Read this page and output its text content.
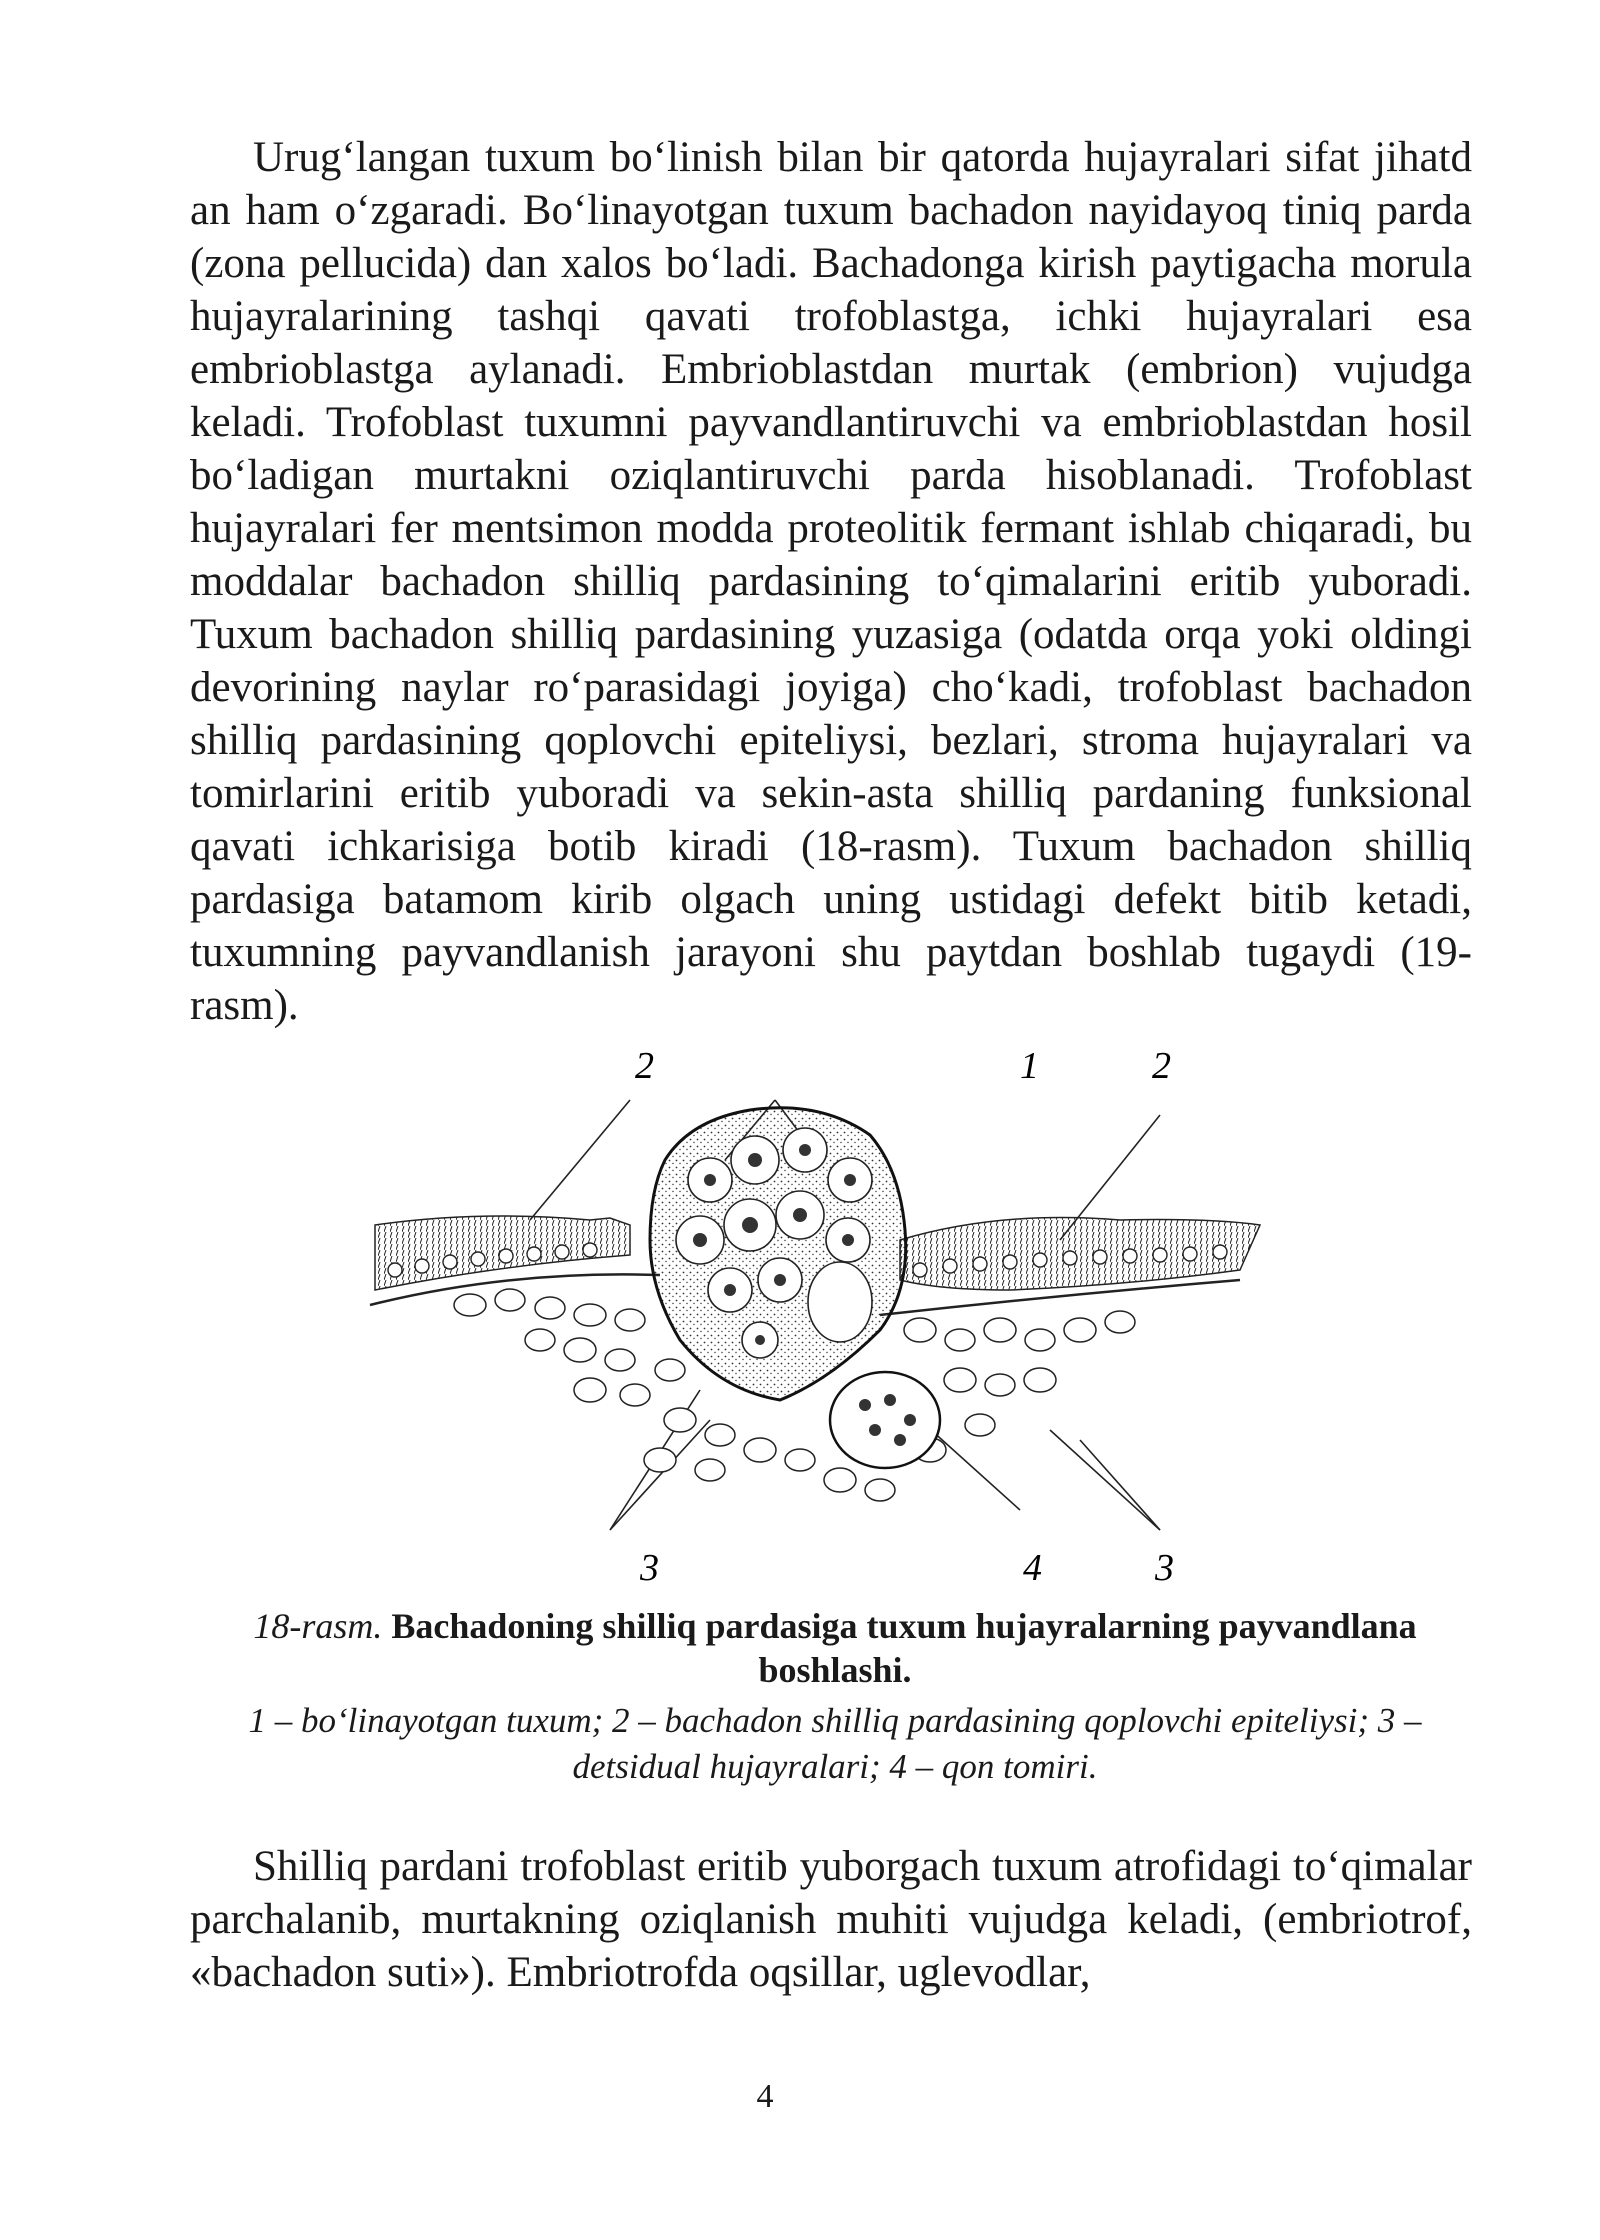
Urug‘langan tuxum bo‘linish bilan bir qatorda hujayralari sifat jihatd an ham o‘zgaradi. Bo‘linayotgan tuxum bachadon nayidayoq tiniq parda (zona pellucida) dan xalos bo‘ladi. Bachadonga kirish paytigacha morula hujayralarining tashqi qavati trofoblastga, ichki hujayralari esa embrioblastga aylanadi. Embrioblastdan murtak (embrion) vujudga keladi. Trofoblast tuxumni payvandlantiruvchi va embrioblastdan hosil bo‘ladigan murtakni oziqlantiruvchi parda hisoblanadi. Trofoblast hujayralari fer mentsimon modda proteolitik fermant ishlab chiqaradi, bu moddalar bachadon shilliq pardasining to‘qimalarini eritib yuboradi. Tuxum bachadon shilliq pardasining yuzasiga (odatda orqa yoki oldingi devorining naylar ro‘parasidagi joyiga) cho‘kadi, trofoblast bachadon shilliq pardasining qoplovchi epiteliysi, bezlari, stroma hujayralari va tomirlarini eritib yuboradi va sekin-asta shilliq pardaning funksional qavati ichkarisiga botib kiradi (18-rasm). Tuxum bachadon shilliq pardasiga batamom kirib olgach uning ustidagi defekt bitib ketadi, tuxumning payvandlanish jarayoni shu paytdan boshlab tugaydi (19-rasm).

2	1	2
3	4	3
18-rasm. Bachadoning shilliq pardasiga tuxum hujayralarning payvandlana boshlashi.
1 – bo‘linayotgan tuxum; 2 – bachadon shilliq pardasining qoplovchi epiteliysi; 3 – detsidual hujayralari; 4 – qon tomiri.

Shilliq pardani trofoblast eritib yuborgach tuxum atrofidagi to‘qimalar parchalanib, murtakning oziqlanish muhiti vujudga keladi, (embriotrof, «bachadon suti»). Embriotrofda oqsillar, uglevodlar,

4
